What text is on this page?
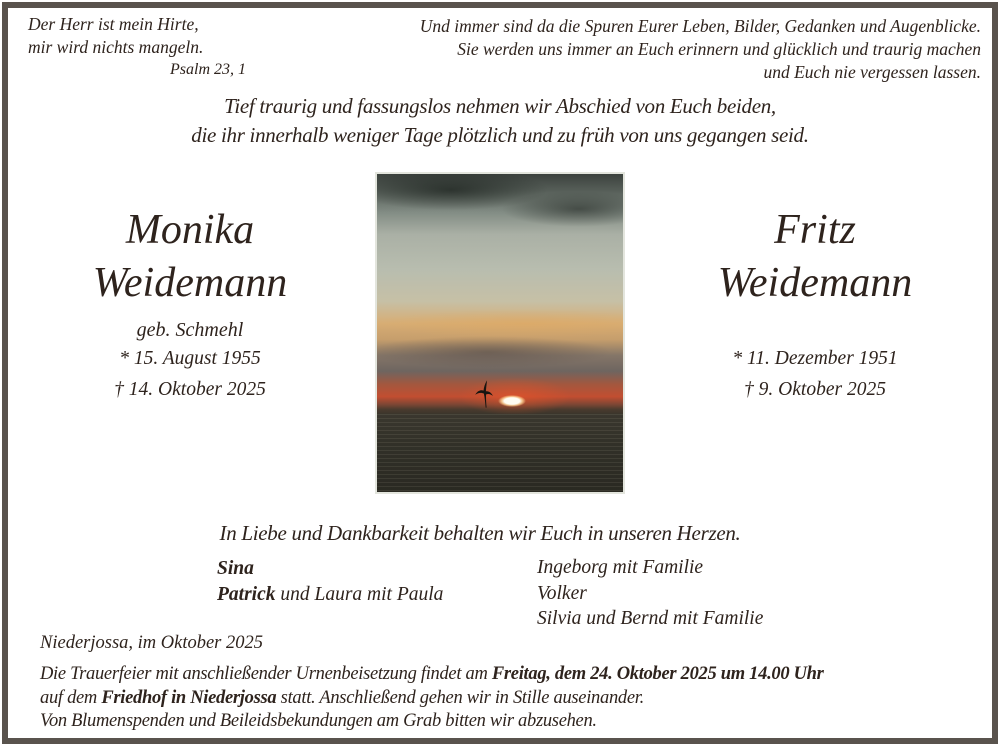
Der Herr ist mein Hirte,
mir wird nichts mangeln.
Psalm 23, 1
Und immer sind da die Spuren Eurer Leben, Bilder, Gedanken und Augenblicke.
Sie werden uns immer an Euch erinnern und glücklich und traurig machen
und Euch nie vergessen lassen.
Tief traurig und fassungslos nehmen wir Abschied von Euch beiden,
die ihr innerhalb weniger Tage plötzlich und zu früh von uns gegangen seid.
Monika
Weidemann
geb. Schmehl
* 15. August 1955
† 14. Oktober 2025
Fritz
Weidemann
* 11. Dezember 1951
† 9. Oktober 2025
In Liebe und Dankbarkeit behalten wir Euch in unseren Herzen.
Sina
Patrick und Laura mit Paula
Ingeborg mit Familie
Volker
Silvia und Bernd mit Familie
Niederjossa, im Oktober 2025
Die Trauerfeier mit anschließender Urnenbeisetzung findet am Freitag, dem 24. Oktober 2025 um 14.00 Uhr
auf dem Friedhof in Niederjossa statt. Anschließend gehen wir in Stille auseinander.
Von Blumenspenden und Beileidsbekundungen am Grab bitten wir abzusehen.
